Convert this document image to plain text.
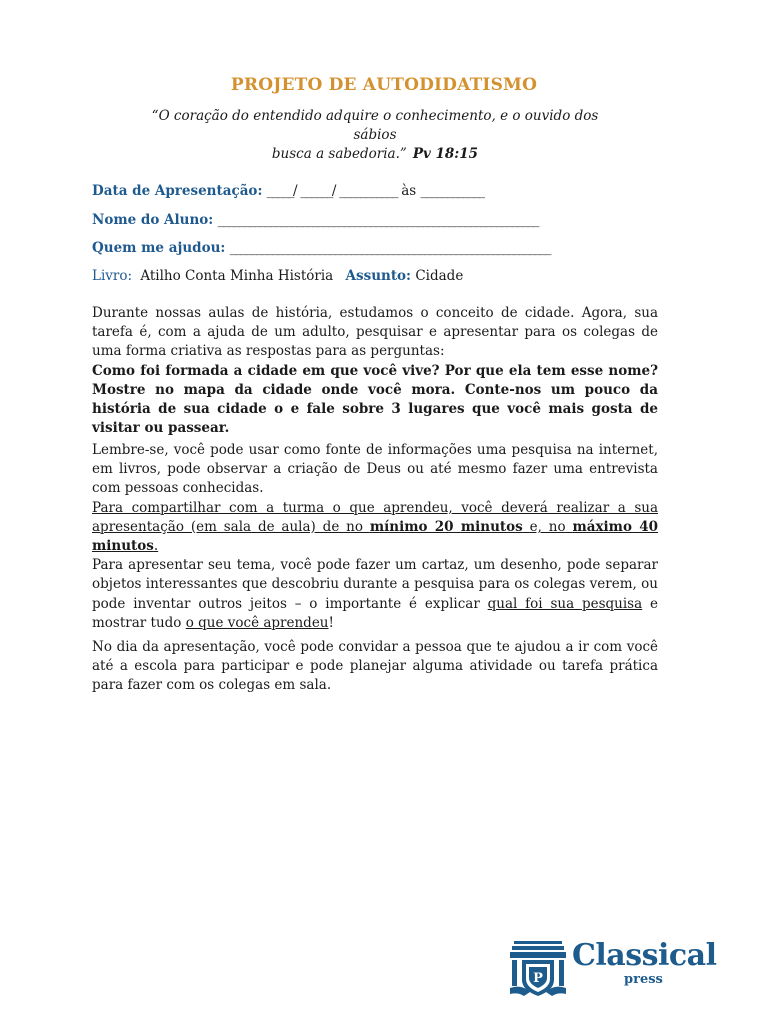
PROJETO DE AUTODIDATISMO
“O coração do entendido adquire o conhecimento, e o ouvido dos sábios
busca a sabedoria.” Pv 18:15
Data de Apresentação: _____/ ______/ ___________ às ____________
Nome do Aluno: _____________________________________________________________
Quem me ajudou: _____________________________________________________________
Livro: Atilho Conta Minha História Assunto: Cidade
Durante nossas aulas de história, estudamos o conceito de cidade. Agora, sua tarefa é, com a ajuda de um adulto, pesquisar e apresentar para os colegas de uma forma criativa as respostas para as perguntas:
Como foi formada a cidade em que você vive? Por que ela tem esse nome? Mostre no mapa da cidade onde você mora. Conte-nos um pouco da história de sua cidade o e fale sobre 3 lugares que você mais gosta de visitar ou passear.
Lembre-se, você pode usar como fonte de informações uma pesquisa na internet, em livros, pode observar a criação de Deus ou até mesmo fazer uma entrevista com pessoas conhecidas.
Para compartilhar com a turma o que aprendeu, você deverá realizar a sua apresentação (em sala de aula) de no mínimo 20 minutos e, no máximo 40 minutos.
Para apresentar seu tema, você pode fazer um cartaz, um desenho, pode separar objetos interessantes que descobriu durante a pesquisa para os colegas verem, ou pode inventar outros jeitos – o importante é explicar qual foi sua pesquisa e mostrar tudo o que você aprendeu!
No dia da apresentação, você pode convidar a pessoa que te ajudou a ir com você até a escola para participar e pode planejar alguma atividade ou tarefa prática para fazer com os colegas em sala.
P
Classical
press
